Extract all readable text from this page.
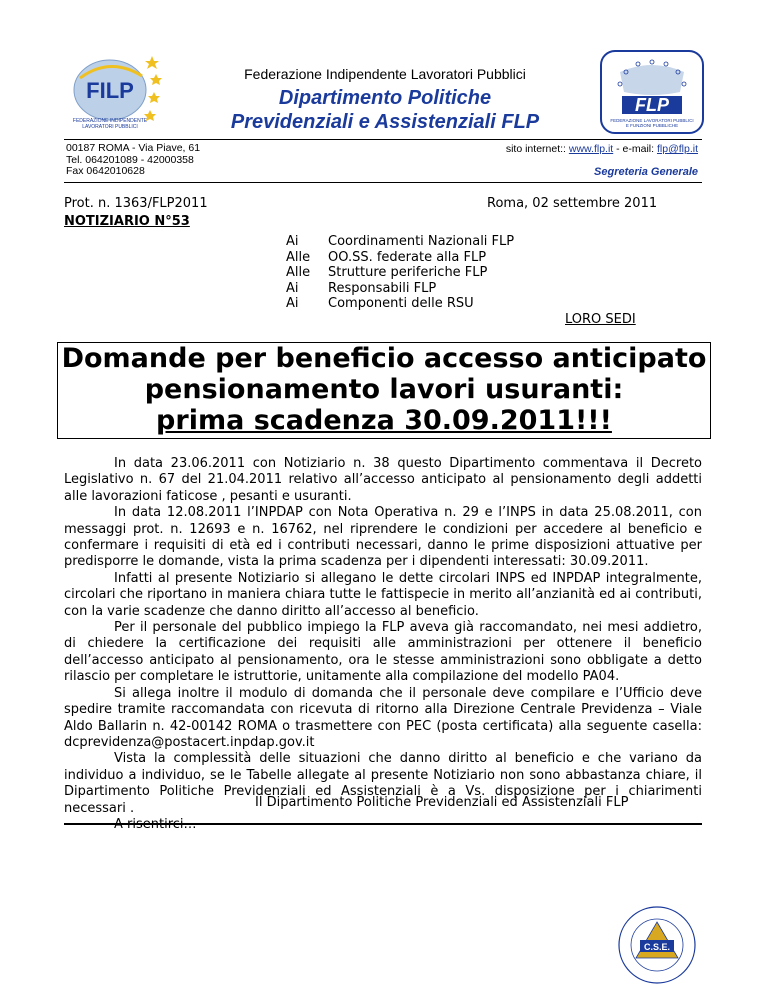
FILP
FEDERAZIONE INDIPENDENTE
LAVORATORI PUBBLICI
Federazione Indipendente Lavoratori Pubblici
Dipartimento Politiche
Previdenziali e Assistenziali FLP
FLP
FEDERAZIONE LAVORATORI PUBBLICI
E FUNZIONI PUBBLICHE
00187 ROMA - Via Piave, 61
Tel. 064201089 - 42000358
Fax 0642010628
sito internet:: www.flp.it - e-mail: flp@flp.it
Segreteria Generale
Prot. n. 1363/FLP2011	Roma, 02 settembre 2011
NOTIZIARIO N°53
Ai	Coordinamenti Nazionali FLP
Alle	OO.SS. federate alla FLP
Alle	Strutture periferiche FLP
Ai	Responsabili FLP
Ai	Componenti delle RSU
LORO SEDI
Domande per beneficio accesso anticipato
pensionamento lavori usuranti:
prima scadenza 30.09.2011!!!

In data 23.06.2011 con Notiziario n. 38 questo Dipartimento commentava il Decreto Legislativo n. 67 del 21.04.2011 relativo all’accesso anticipato al pensionamento degli addetti alle lavorazioni faticose , pesanti e usuranti.

In data 12.08.2011 l’INPDAP con Nota Operativa n. 29 e l’INPS in data 25.08.2011, con messaggi prot. n. 12693 e n. 16762, nel riprendere le condizioni per accedere al beneficio e confermare i requisiti di età ed i contributi necessari, danno le prime disposizioni attuative per predisporre le domande, vista la prima scadenza per i dipendenti interessati: 30.09.2011.

Infatti al presente Notiziario si allegano le dette circolari INPS ed INPDAP integralmente, circolari che riportano in maniera chiara tutte le fattispecie in merito all’anzianità ed ai contributi, con la varie scadenze che danno diritto all’accesso al beneficio.

Per il personale del pubblico impiego la FLP aveva già raccomandato, nei mesi addietro, di chiedere la certificazione dei requisiti alle amministrazioni per ottenere il beneficio dell’accesso anticipato al pensionamento, ora le stesse amministrazioni sono obbligate a detto rilascio per completare le istruttorie, unitamente alla compilazione del modello PA04.

Si allega inoltre il modulo di domanda che il personale deve compilare e l’Ufficio deve spedire tramite raccomandata con ricevuta di ritorno alla Direzione Centrale Previdenza – Viale Aldo Ballarin n. 42-00142 ROMA o trasmettere con PEC (posta certificata) alla seguente casella: dcprevidenza@postacert.inpdap.gov.it

Vista la complessità delle situazioni che danno diritto al beneficio e che variano da individuo a individuo, se le Tabelle allegate al presente Notiziario non sono abbastanza chiare, il Dipartimento Politiche Previdenziali ed Assistenziali è a Vs. disposizione per i chiarimenti necessari .	Il Dipartimento Politiche Previdenziali ed Assistenziali FLP
C.S.E.
